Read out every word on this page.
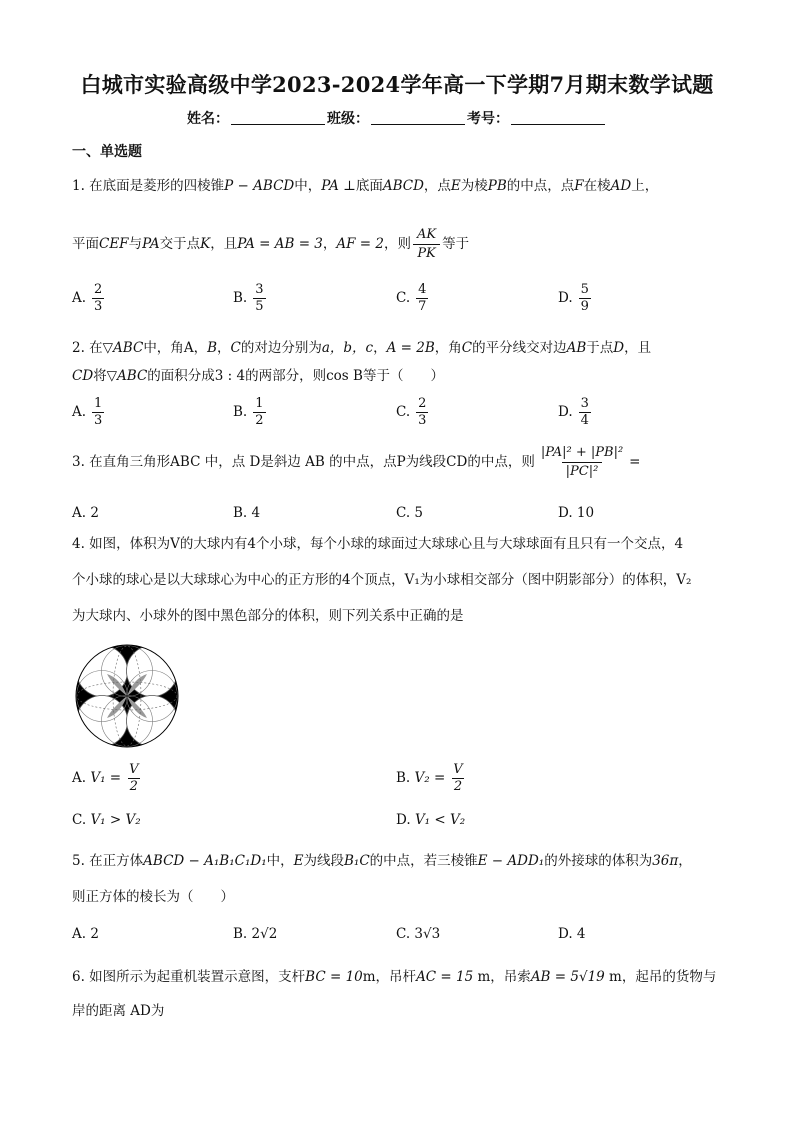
白城市实验高级中学2023-2024学年高一下学期7月期末数学试题
姓名：	班级：	考号：
一、单选题
1. 在底面是菱形的四棱锥P − ABCD中，PA ⊥底面ABCD，点E为棱PB的中点，点F在棱AD上，
平面CEF与PA交于点K，且PA = AB = 3，AF = 2，则 $\frac{AK}{PK}$ 等于
A. $\frac{2}{3}$	B. $\frac{3}{5}$	C. $\frac{4}{7}$	D. $\frac{5}{9}$
2. 在▽ABC中，角A，B，C的对边分别为a，b，c，A = 2B，角C的平分线交对边AB于点D，且
CD将▽ABC的面积分成3 : 4的两部分，则cos B等于（　　）
A. $\frac{1}{3}$	B. $\frac{1}{2}$	C. $\frac{2}{3}$	D. $\frac{3}{4}$
3. 在直角三角形ABC 中，点 D是斜边 AB 的中点，点P为线段CD的中点，则 $\frac{\text{|PA|² + |PB|²}}{\text{|PC|²}}$ =
A. 2	B. 4	C. 5	D. 10
4. 如图，体积为V的大球内有4个小球，每个小球的球面过大球球心且与大球球面有且只有一个交点，4
个小球的球心是以大球球心为中心的正方形的4个顶点，V₁为小球相交部分（图中阴影部分）的体积，V₂
为大球内、小球外的图中黑色部分的体积，则下列关系中正确的是
A. $V_1 = \frac{V}{2}$	B. $V_2 = \frac{V}{2}$
C. V₁ > V₂	D. V₁ < V₂
5. 在正方体ABCD − A₁B₁C₁D₁中，E为线段B₁C的中点，若三棱锥E − ADD₁的外接球的体积为36π，
则正方体的棱长为（　　）
A. 2	B. 2√2	C. 3√3	D. 4
6. 如图所示为起重机装置示意图，支杆BC = 10m，吊杆AC = 15 m，吊索AB = 5√19 m，起吊的货物与
岸的距离 AD为
